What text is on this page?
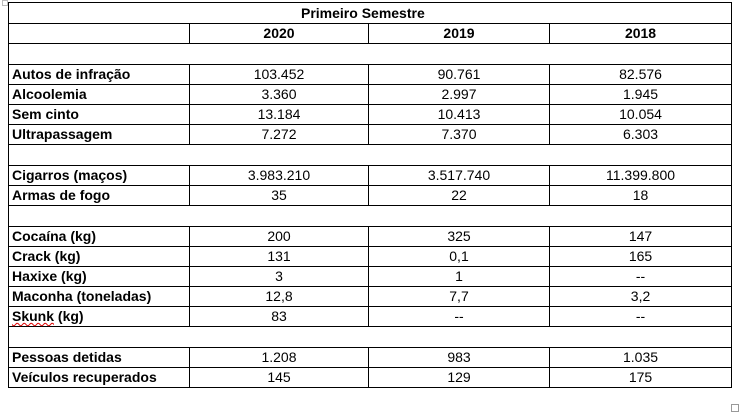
Primeiro Semestre			
	2020	2019	2018

Autos de infração	103.452	90.761	82.576
Alcoolemia	3.360	2.997	1.945
Sem cinto	13.184	10.413	10.054
Ultrapassagem	7.272	7.370	6.303

Cigarros (maços)	3.983.210	3.517.740	11.399.800
Armas de fogo	35	22	18

Cocaína (kg)	200	325	147
Crack (kg)	131	0,1	165
Haxixe (kg)	3	1	--
Maconha (toneladas)	12,8	7,7	3,2
Skunk (kg)	83	--	--

Pessoas detidas	1.208	983	1.035
Veículos recuperados	145	129	175
